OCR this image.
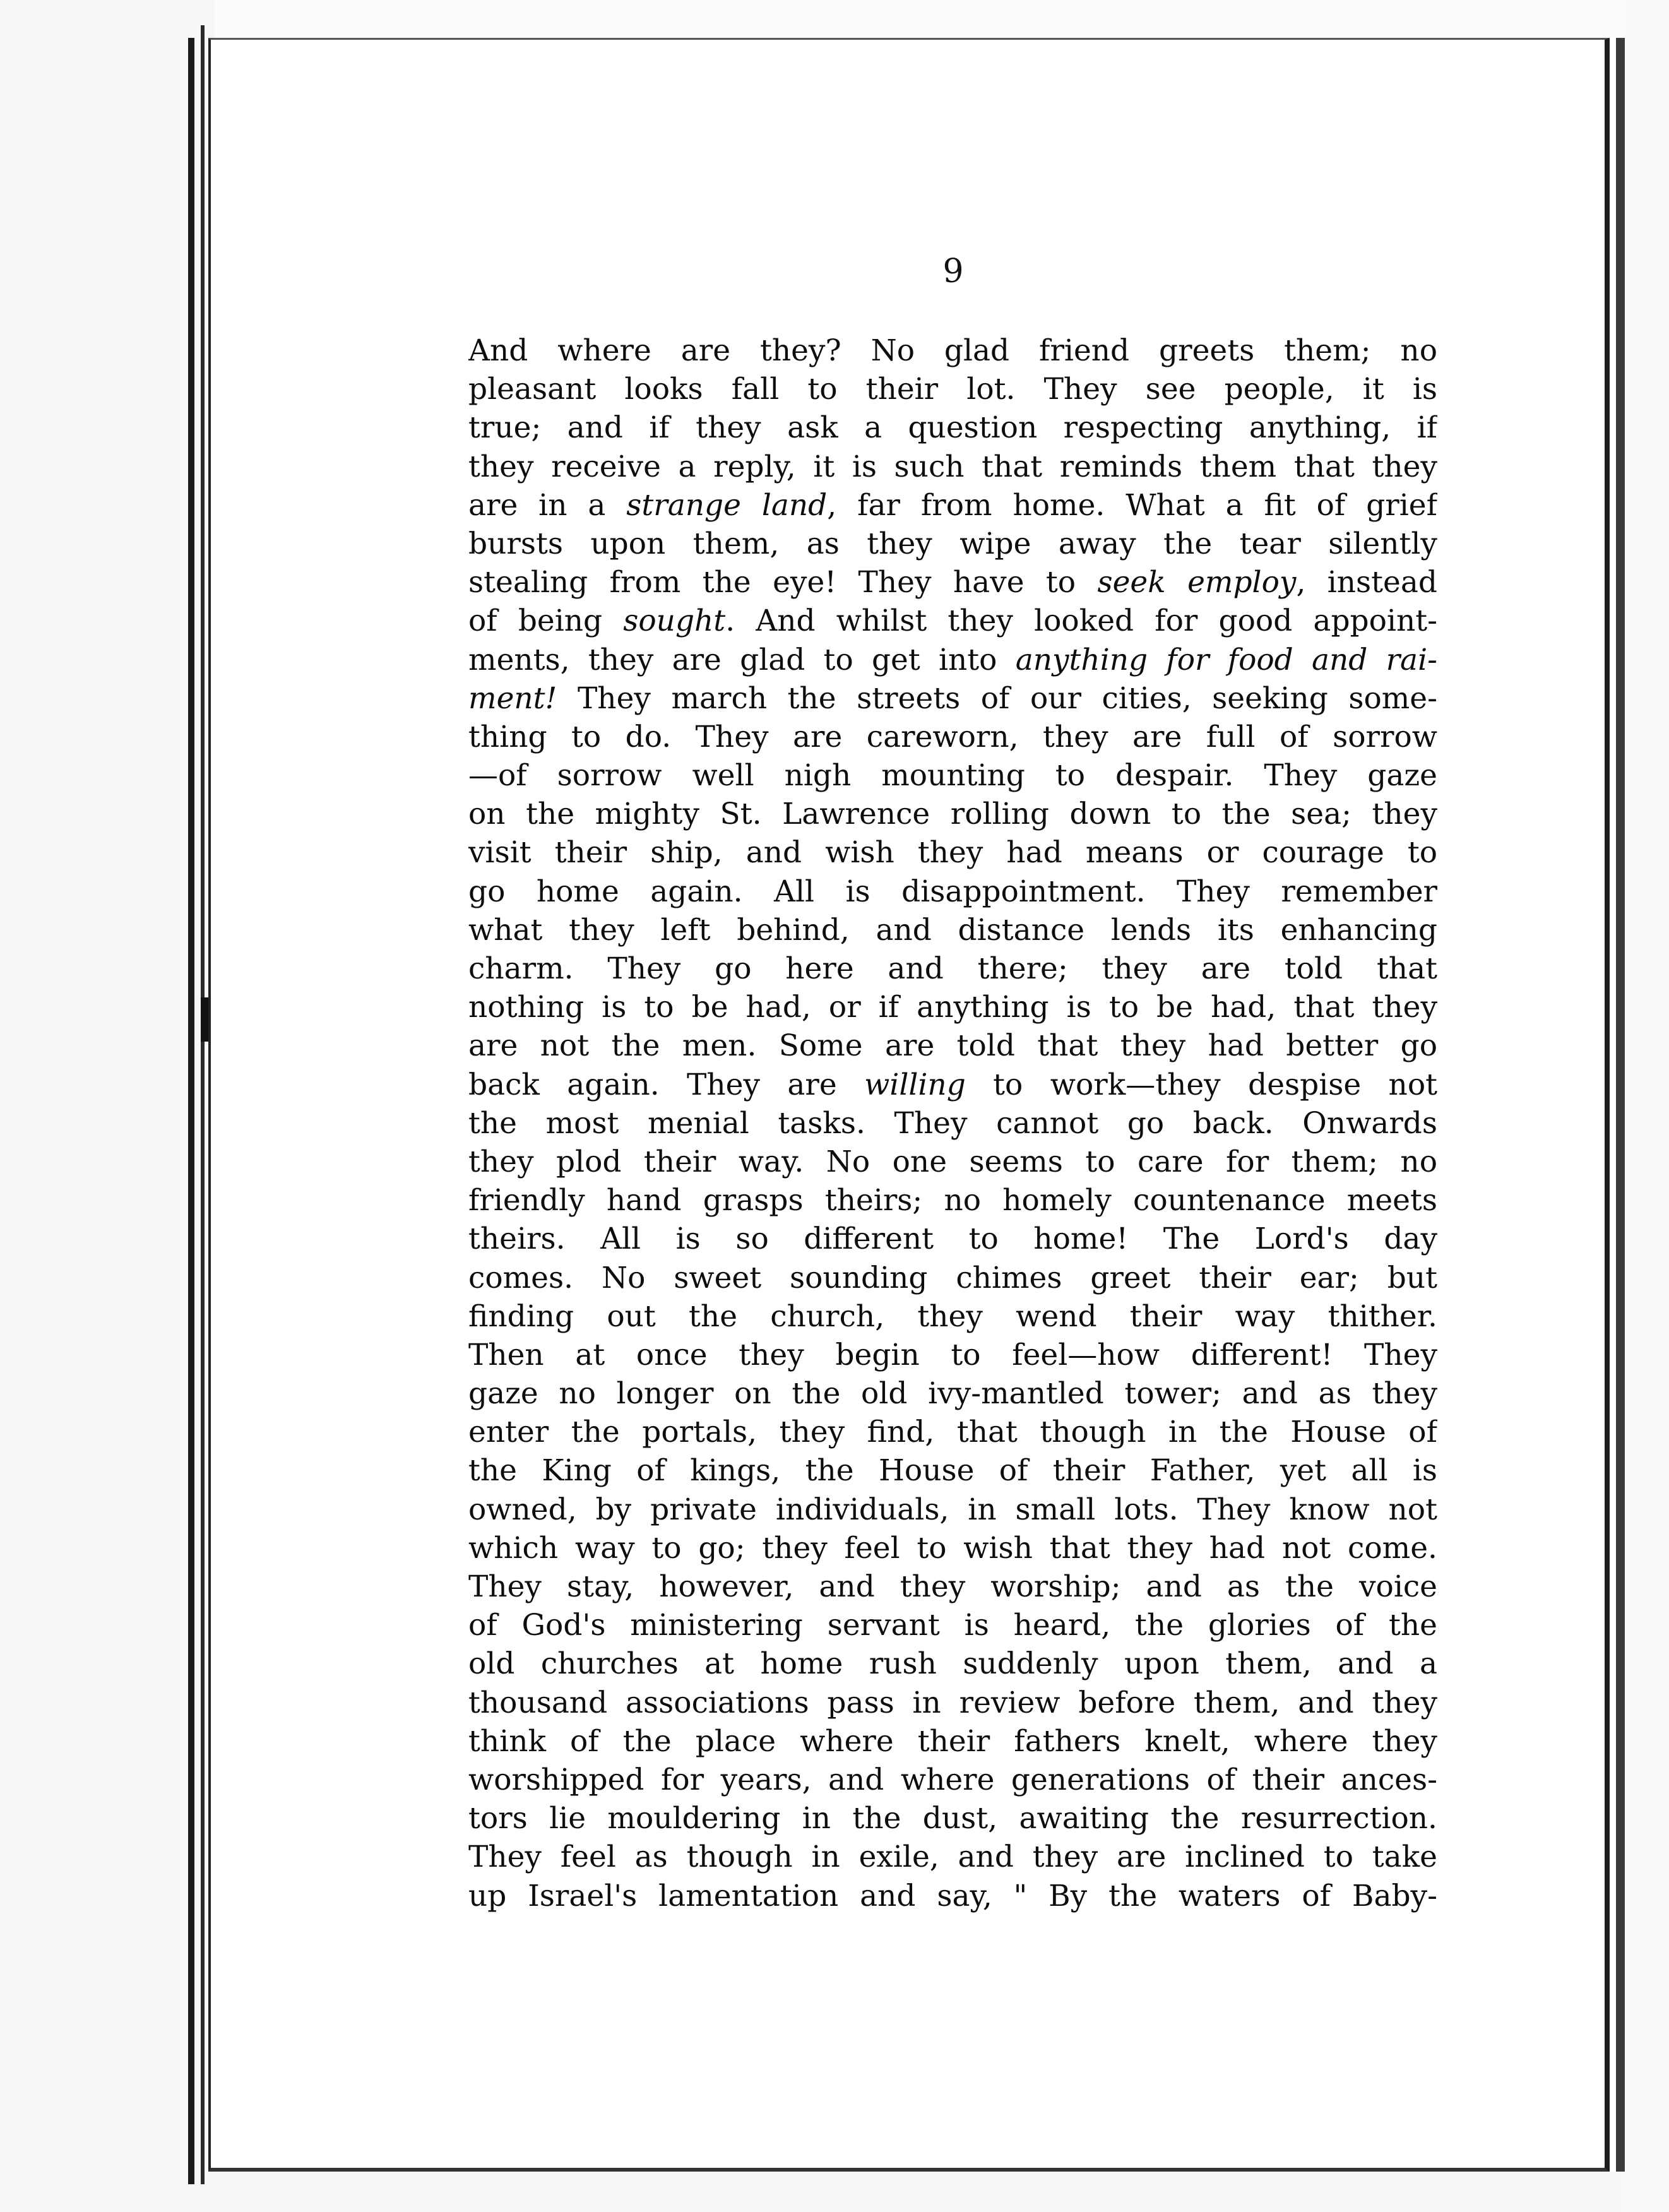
9
And where are they? No glad friend greets them; no
pleasant looks fall to their lot. They see people, it is
true; and if they ask a question respecting anything, if
they receive a reply, it is such that reminds them that they
are in a strange land, far from home. What a fit of grief
bursts upon them, as they wipe away the tear silently
stealing from the eye! They have to seek employ, instead
of being sought. And whilst they looked for good appoint-
ments, they are glad to get into anything for food and rai-
ment! They march the streets of our cities, seeking some-
thing to do. They are careworn, they are full of sorrow
—of sorrow well nigh mounting to despair. They gaze
on the mighty St. Lawrence rolling down to the sea; they
visit their ship, and wish they had means or courage to
go home again. All is disappointment. They remember
what they left behind, and distance lends its enhancing
charm. They go here and there; they are told that
nothing is to be had, or if anything is to be had, that they
are not the men. Some are told that they had better go
back again. They are willing to work—they despise not
the most menial tasks. They cannot go back. Onwards
they plod their way. No one seems to care for them; no
friendly hand grasps theirs; no homely countenance meets
theirs. All is so different to home! The Lord's day
comes. No sweet sounding chimes greet their ear; but
finding out the church, they wend their way thither.
Then at once they begin to feel—how different! They
gaze no longer on the old ivy-mantled tower; and as they
enter the portals, they find, that though in the House of
the King of kings, the House of their Father, yet all is
owned, by private individuals, in small lots. They know not
which way to go; they feel to wish that they had not come.
They stay, however, and they worship; and as the voice
of God's ministering servant is heard, the glories of the
old churches at home rush suddenly upon them, and a
thousand associations pass in review before them, and they
think of the place where their fathers knelt, where they
worshipped for years, and where generations of their ances-
tors lie mouldering in the dust, awaiting the resurrection.
They feel as though in exile, and they are inclined to take
up Israel's lamentation and say, " By the waters of Baby-
